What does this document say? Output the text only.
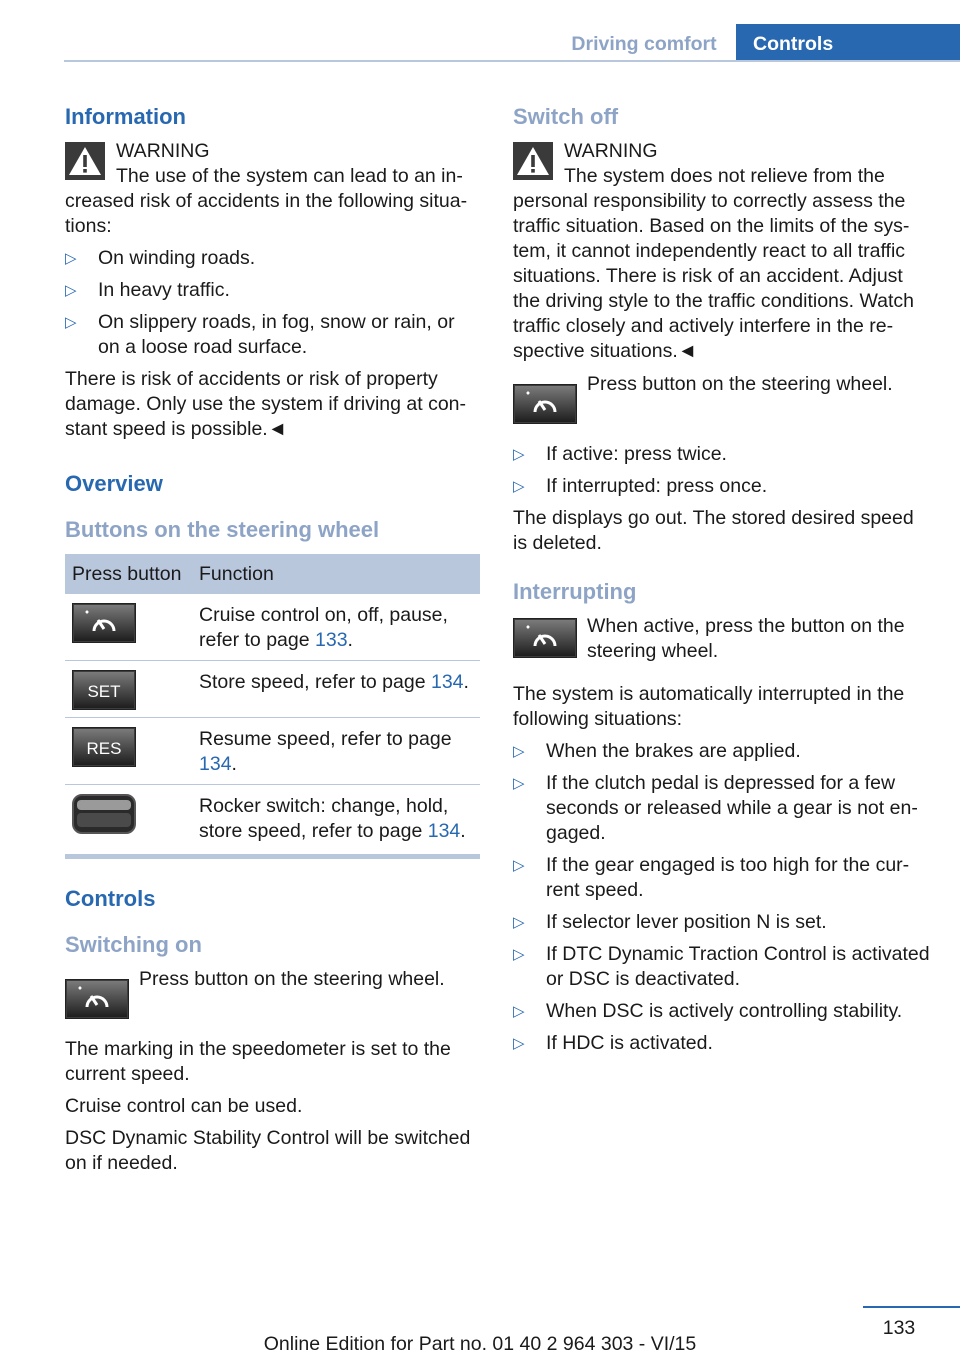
Driving comfort	Controls
Information
WARNING

The use of the system can lead to an increased risk of accidents in the following situations:

▷ On winding roads.
▷ In heavy traffic.
▷ On slippery roads, in fog, snow or rain, or on a loose road surface.

There is risk of accidents or risk of property damage. Only use the system if driving at constant speed is possible.◄

Overview
Buttons on the steering wheel
Press button	Function

	Cruise control on, off, pause, refer to page 133.

SET	Store speed, refer to page 134.

RES	Resume speed, refer to page 134.

	Rocker switch: change, hold, store speed, refer to page 134.
Controls
Switching on
Press button on the steering wheel.

The marking in the speedometer is set to the current speed.

Cruise control can be used.

DSC Dynamic Stability Control will be switched on if needed.

Switch off
WARNING

The system does not relieve from the personal responsibility to correctly assess the traffic situation. Based on the limits of the system, it cannot independently react to all traffic situations. There is risk of an accident. Adjust the driving style to the traffic conditions. Watch traffic closely and actively interfere in the respective situations.◄

Press button on the steering wheel.
▷ If active: press twice.
▷ If interrupted: press once.

The displays go out. The stored desired speed is deleted.

Interrupting
When active, press the button on the steering wheel.

The system is automatically interrupted in the following situations:

▷ When the brakes are applied.
▷ If the clutch pedal is depressed for a few seconds or released while a gear is not engaged.
▷ If the gear engaged is too high for the current speed.
▷ If selector lever position N is set.
▷ If DTC Dynamic Traction Control is activated or DSC is deactivated.
▷ When DSC is actively controlling stability.
▷ If HDC is activated.
133
Online Edition for Part no. 01 40 2 964 303 - VI/15
